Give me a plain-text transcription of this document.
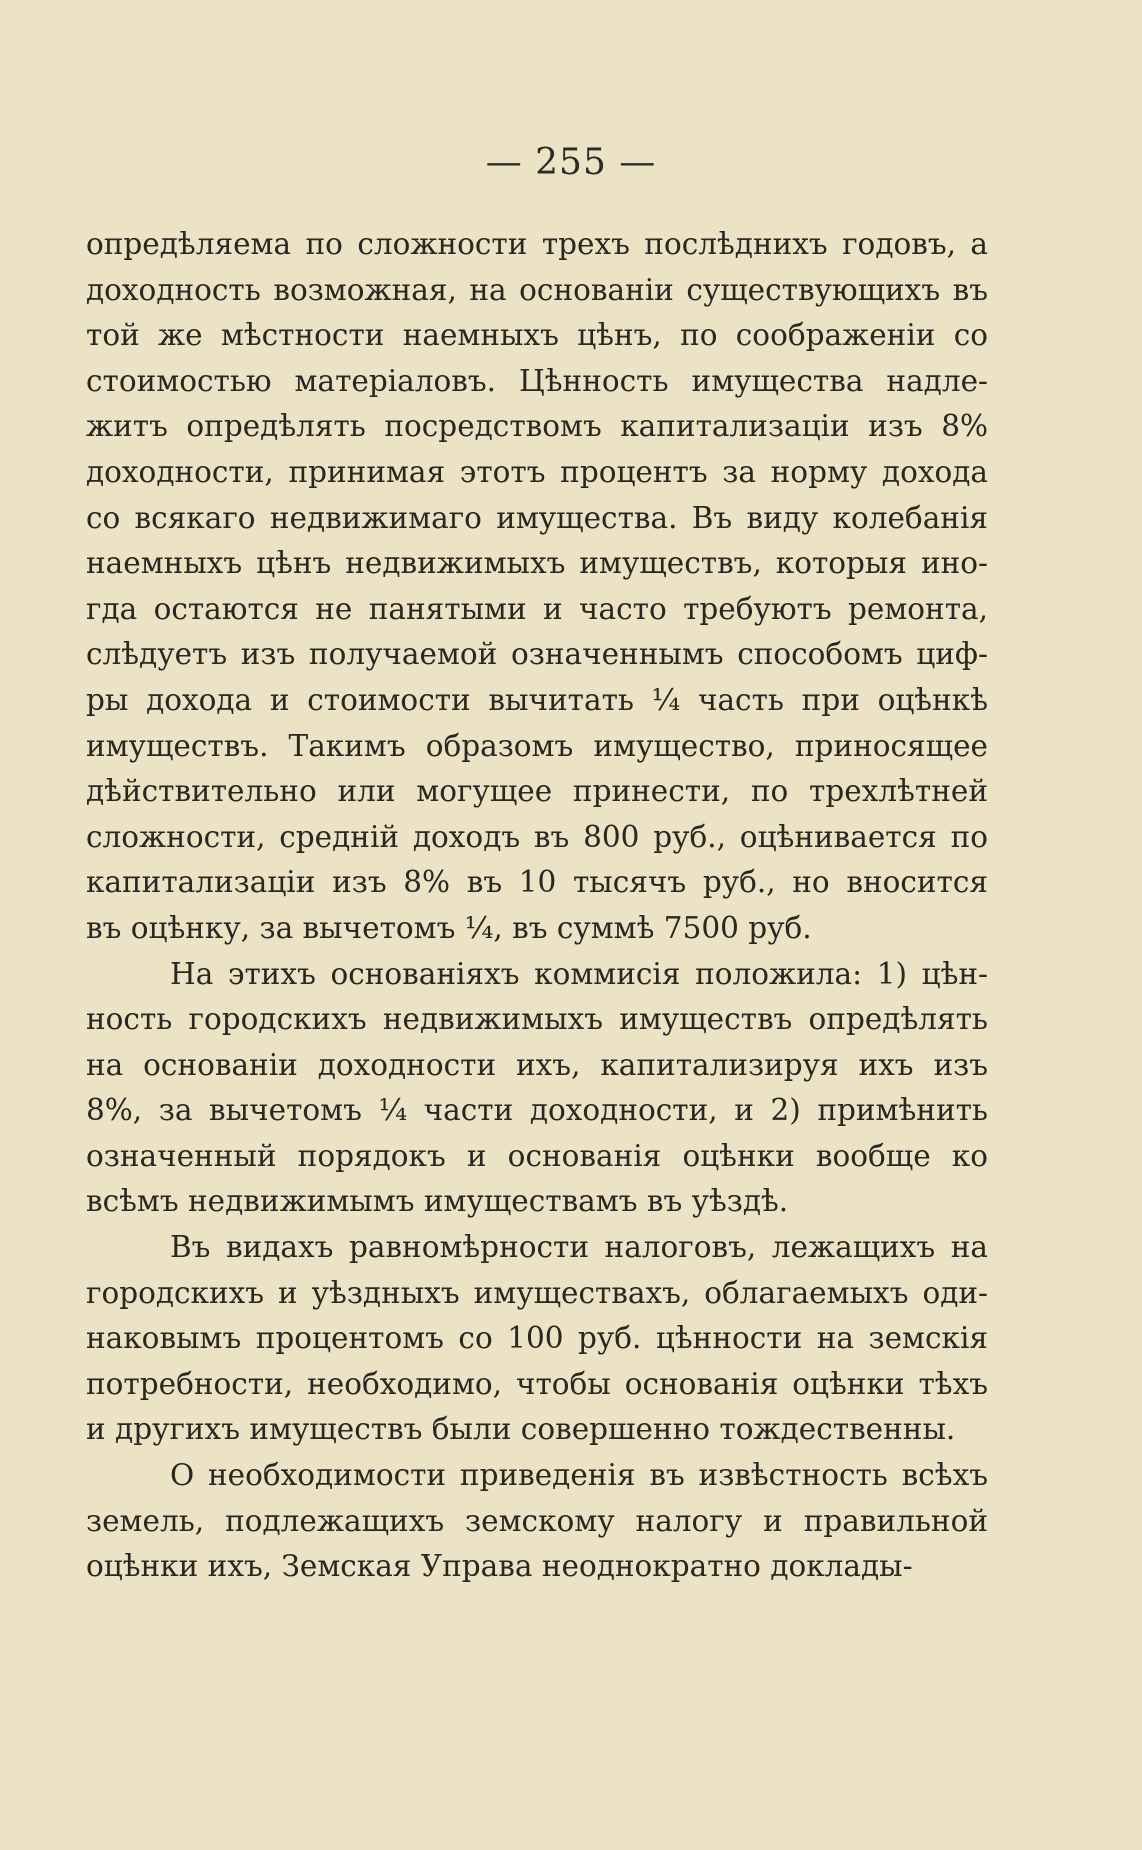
— 255 —
опредѣляема по сложности трехъ послѣднихъ годовъ, а
доходность возможная, на основанiи существующихъ въ
той же мѣстности наемныхъ цѣнъ, по соображенiи со
стоимостью матерiаловъ. Цѣнность имущества надле-
житъ опредѣлять посредствомъ капитализацiи изъ 8%
доходности, принимая этотъ процентъ за норму дохода
со всякаго недвижимаго имущества. Въ виду колебанiя
наемныхъ цѣнъ недвижимыхъ имуществъ, которыя ино-
гда остаются не панятыми и часто требуютъ ремонта,
слѣдуетъ изъ получаемой означеннымъ способомъ циф-
ры дохода и стоимости вычитать ¼ часть при оцѣнкѣ
имуществъ. Такимъ образомъ имущество, приносящее
дѣйствительно или могущее принести, по трехлѣтней
сложности, среднiй доходъ въ 800 руб., оцѣнивается по
капитализацiи изъ 8% въ 10 тысячъ руб., но вносится
въ оцѣнку, за вычетомъ ¼, въ суммѣ 7500 руб.
На этихъ основанiяхъ коммисiя положила: 1) цѣн-
ность городскихъ недвижимыхъ имуществъ опредѣлять
на основанiи доходности ихъ, капитализируя ихъ изъ
8%, за вычетомъ ¼ части доходности, и 2) примѣнить
означенный порядокъ и основанiя оцѣнки вообще ко
всѣмъ недвижимымъ имуществамъ въ уѣздѣ.
Въ видахъ равномѣрности налоговъ, лежащихъ на
городскихъ и уѣздныхъ имуществахъ, облагаемыхъ оди-
наковымъ процентомъ со 100 руб. цѣнности на земскiя
потребности, необходимо, чтобы основанiя оцѣнки тѣхъ
и другихъ имуществъ были совершенно тождественны.
О необходимости приведенiя въ извѣстность всѣхъ
земель, подлежащихъ земскому налогу и правильной
оцѣнки ихъ, Земская Управа неоднократно доклады-
